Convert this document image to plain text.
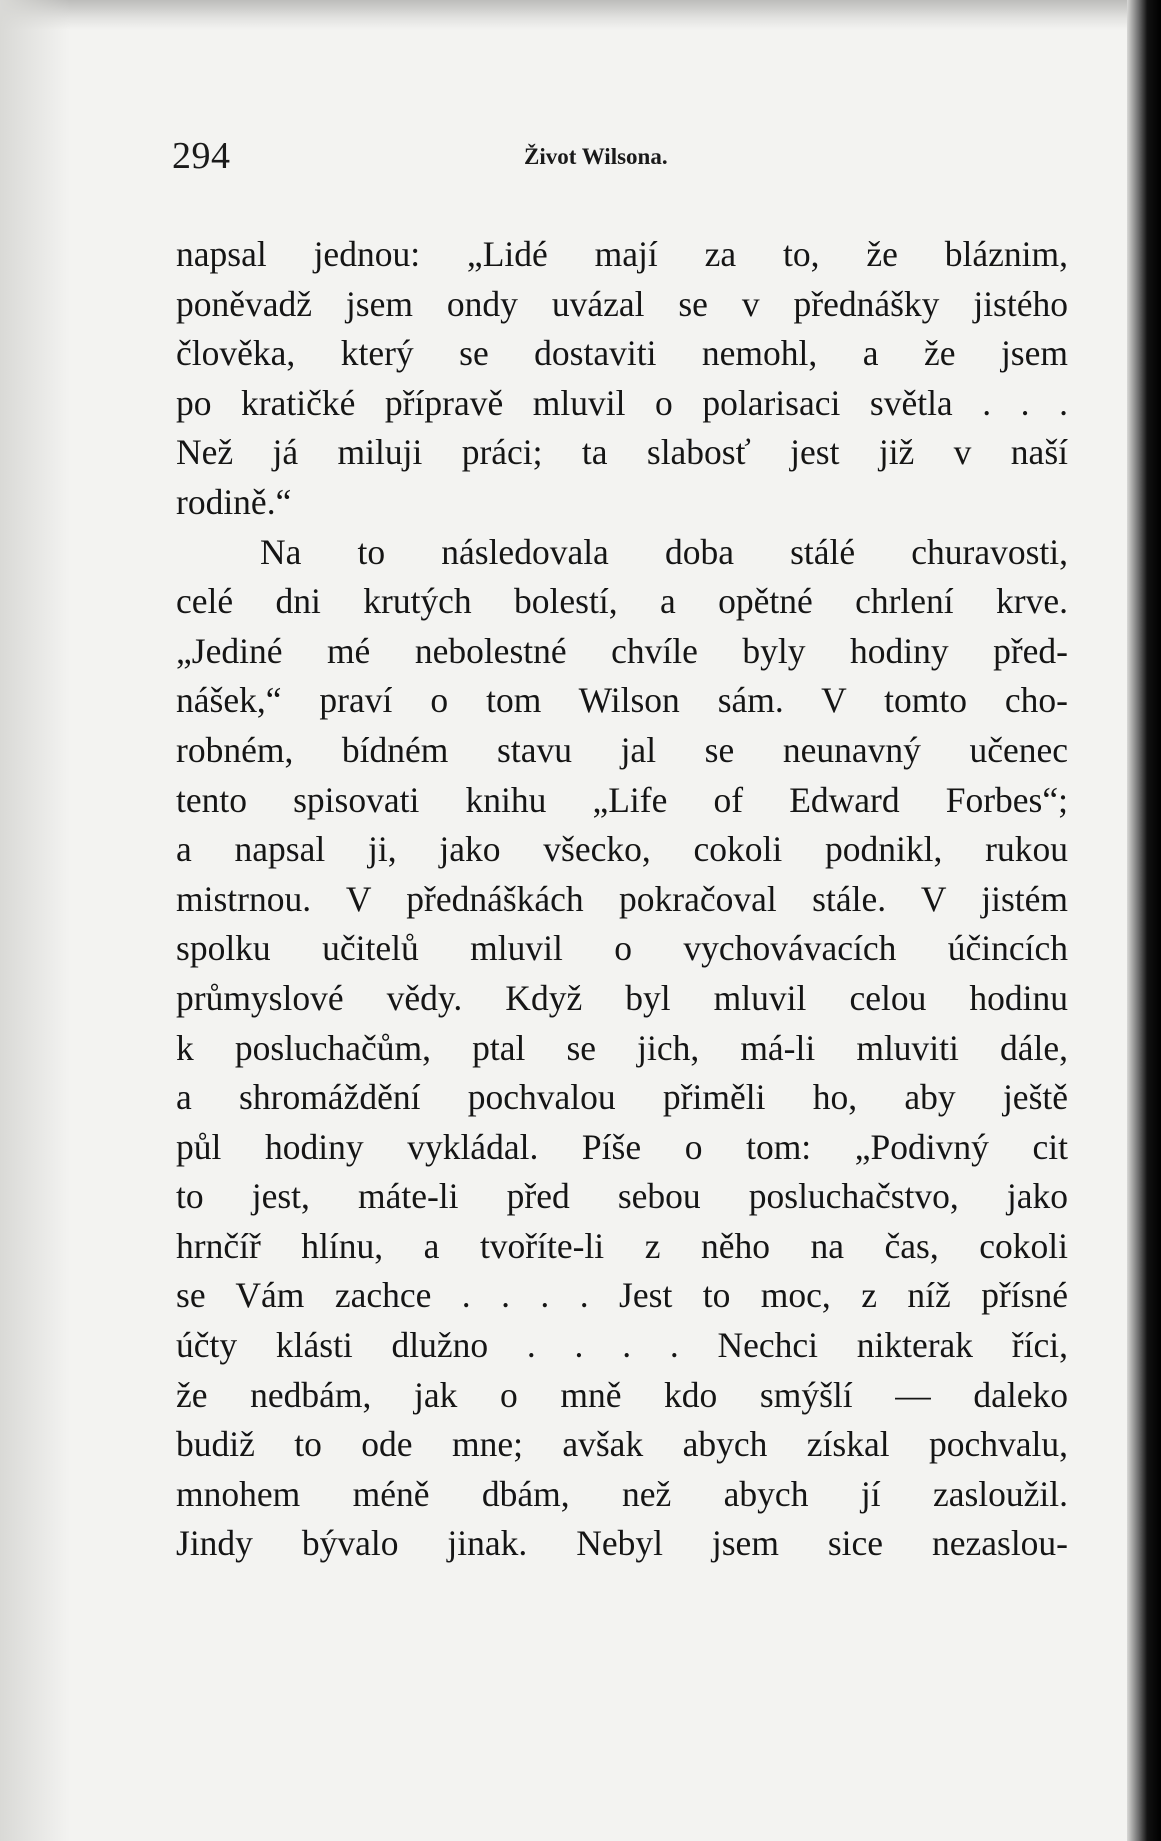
294	Život Wilsona.
napsal jednou: „Lidé mají za to, že bláznim,
poněvadž jsem ondy uvázal se v přednášky jistého
člověka, který se dostaviti nemohl, a že jsem
po kratičké přípravě mluvil o polarisaci světla . . .
Než já miluji práci; ta slabosť jest již v naší
rodině.“
Na to následovala doba stálé churavosti,
celé dni krutých bolestí, a opětné chrlení krve.
„Jediné mé nebolestné chvíle byly hodiny před-
nášek,“ praví o tom Wilson sám. V tomto cho-
robném, bídném stavu jal se neunavný učenec
tento spisovati knihu „Life of Edward Forbes“;
a napsal ji, jako všecko, cokoli podnikl, rukou
mistrnou. V přednáškách pokračoval stále. V jistém
spolku učitelů mluvil o vychovávacích účincích
průmyslové vědy. Když byl mluvil celou hodinu
k posluchačům, ptal se jich, má-li mluviti dále,
a shromáždění pochvalou přiměli ho, aby ještě
půl hodiny vykládal. Píše o tom: „Podivný cit
to jest, máte-li před sebou posluchačstvo, jako
hrnčíř hlínu, a tvoříte-li z něho na čas, cokoli
se Vám zachce . . . . Jest to moc, z níž přísné
účty klásti dlužno . . . . Nechci nikterak říci,
že nedbám, jak o mně kdo smýšlí — daleko
budiž to ode mne; avšak abych získal pochvalu,
mnohem méně dbám, než abych jí zasloužil.
Jindy bývalo jinak. Nebyl jsem sice nezaslou-
